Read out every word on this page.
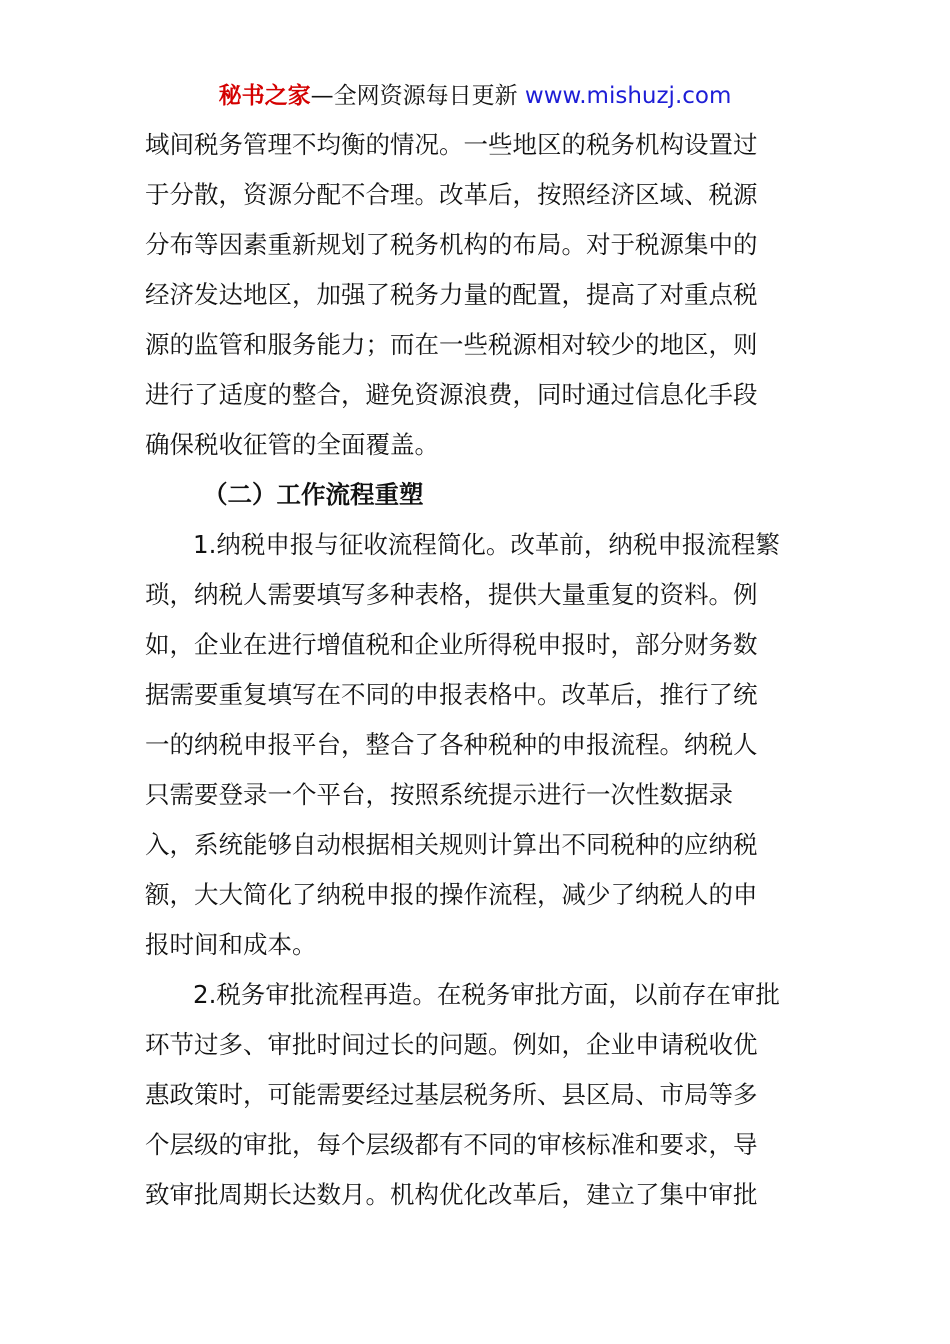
秘书之家—全网资源每日更新 www.mishuzj.com
域间税务管理不均衡的情况。一些地区的税务机构设置过
于分散，资源分配不合理。改革后，按照经济区域、税源
分布等因素重新规划了税务机构的布局。对于税源集中的
经济发达地区，加强了税务力量的配置，提高了对重点税
源的监管和服务能力；而在一些税源相对较少的地区，则
进行了适度的整合，避免资源浪费，同时通过信息化手段
确保税收征管的全面覆盖。
（二）工作流程重塑
1.纳税申报与征收流程简化。改革前，纳税申报流程繁
琐，纳税人需要填写多种表格，提供大量重复的资料。例
如，企业在进行增值税和企业所得税申报时，部分财务数
据需要重复填写在不同的申报表格中。改革后，推行了统
一的纳税申报平台，整合了各种税种的申报流程。纳税人
只需要登录一个平台，按照系统提示进行一次性数据录
入，系统能够自动根据相关规则计算出不同税种的应纳税
额，大大简化了纳税申报的操作流程，减少了纳税人的申
报时间和成本。
2.税务审批流程再造。在税务审批方面，以前存在审批
环节过多、审批时间过长的问题。例如，企业申请税收优
惠政策时，可能需要经过基层税务所、县区局、市局等多
个层级的审批，每个层级都有不同的审核标准和要求，导
致审批周期长达数月。机构优化改革后，建立了集中审批
